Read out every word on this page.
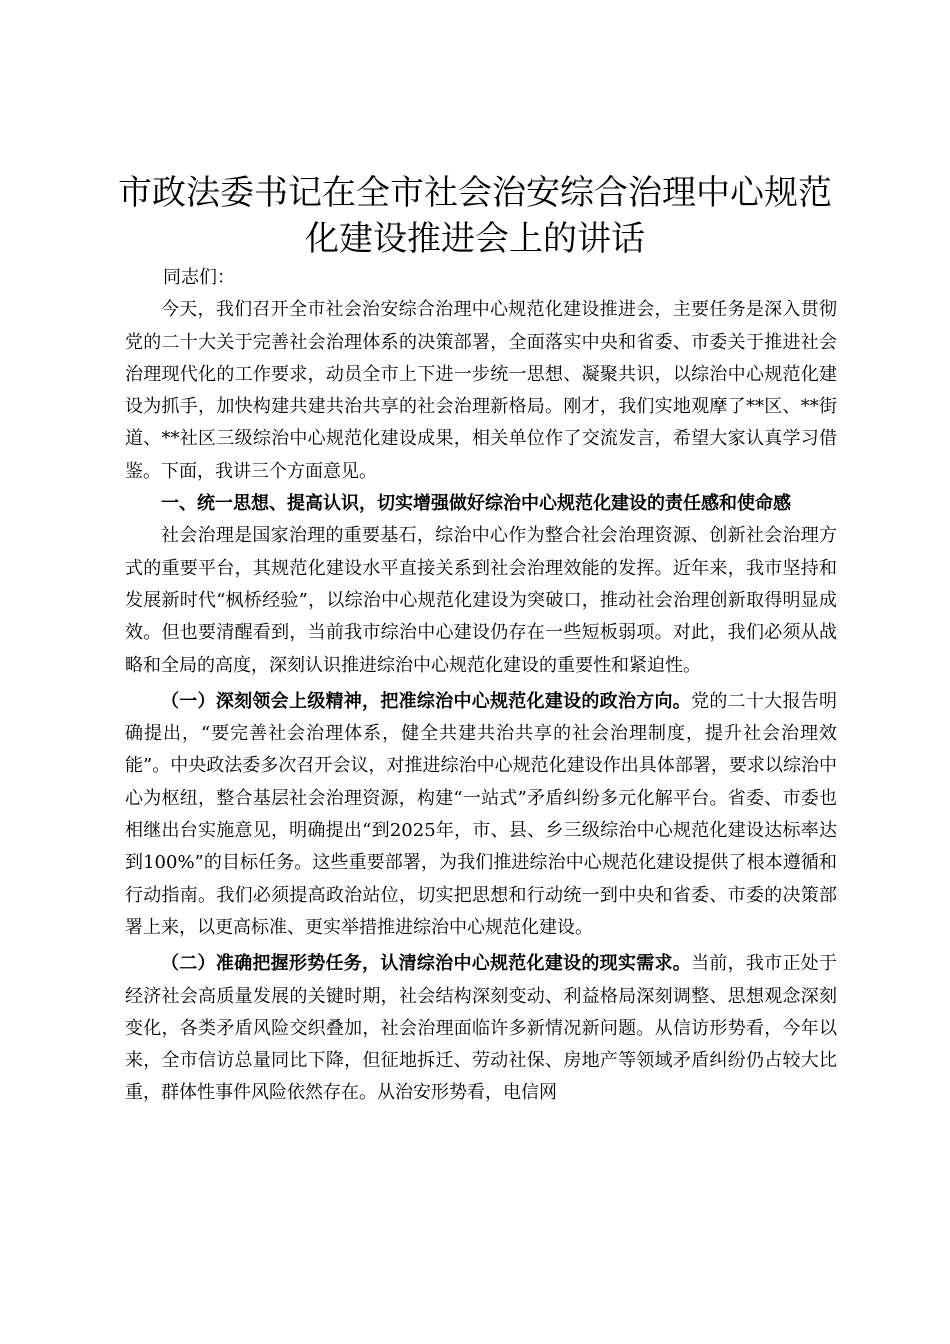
市政法委书记在全市社会治安综合治理中心规范化建设推进会上的讲话

同志们：

今天，我们召开全市社会治安综合治理中心规范化建设推进会，主要任务是深入贯彻党的二十大关于完善社会治理体系的决策部署，全面落实中央和省委、市委关于推进社会治理现代化的工作要求，动员全市上下进一步统一思想、凝聚共识，以综治中心规范化建设为抓手，加快构建共建共治共享的社会治理新格局。刚才，我们实地观摩了**区、**街道、**社区三级综治中心规范化建设成果，相关单位作了交流发言，希望大家认真学习借鉴。下面，我讲三个方面意见。

一、统一思想、提高认识，切实增强做好综治中心规范化建设的责任感和使命感

社会治理是国家治理的重要基石，综治中心作为整合社会治理资源、创新社会治理方式的重要平台，其规范化建设水平直接关系到社会治理效能的发挥。近年来，我市坚持和发展新时代“枫桥经验”，以综治中心规范化建设为突破口，推动社会治理创新取得明显成效。但也要清醒看到，当前我市综治中心建设仍存在一些短板弱项。对此，我们必须从战略和全局的高度，深刻认识推进综治中心规范化建设的重要性和紧迫性。

（一）深刻领会上级精神，把准综治中心规范化建设的政治方向。党的二十大报告明确提出，“要完善社会治理体系，健全共建共治共享的社会治理制度，提升社会治理效能”。中央政法委多次召开会议，对推进综治中心规范化建设作出具体部署，要求以综治中心为枢纽，整合基层社会治理资源，构建“一站式”矛盾纠纷多元化解平台。省委、市委也相继出台实施意见，明确提出“到2025年，市、县、乡三级综治中心规范化建设达标率达到100%”的目标任务。这些重要部署，为我们推进综治中心规范化建设提供了根本遵循和行动指南。我们必须提高政治站位，切实把思想和行动统一到中央和省委、市委的决策部署上来，以更高标准、更实举措推进综治中心规范化建设。

（二）准确把握形势任务，认清综治中心规范化建设的现实需求。当前，我市正处于经济社会高质量发展的关键时期，社会结构深刻变动、利益格局深刻调整、思想观念深刻变化，各类矛盾风险交织叠加，社会治理面临许多新情况新问题。从信访形势看，今年以来，全市信访总量同比下降，但征地拆迁、劳动社保、房地产等领域矛盾纠纷仍占较大比重，群体性事件风险依然存在。从治安形势看，电信网
